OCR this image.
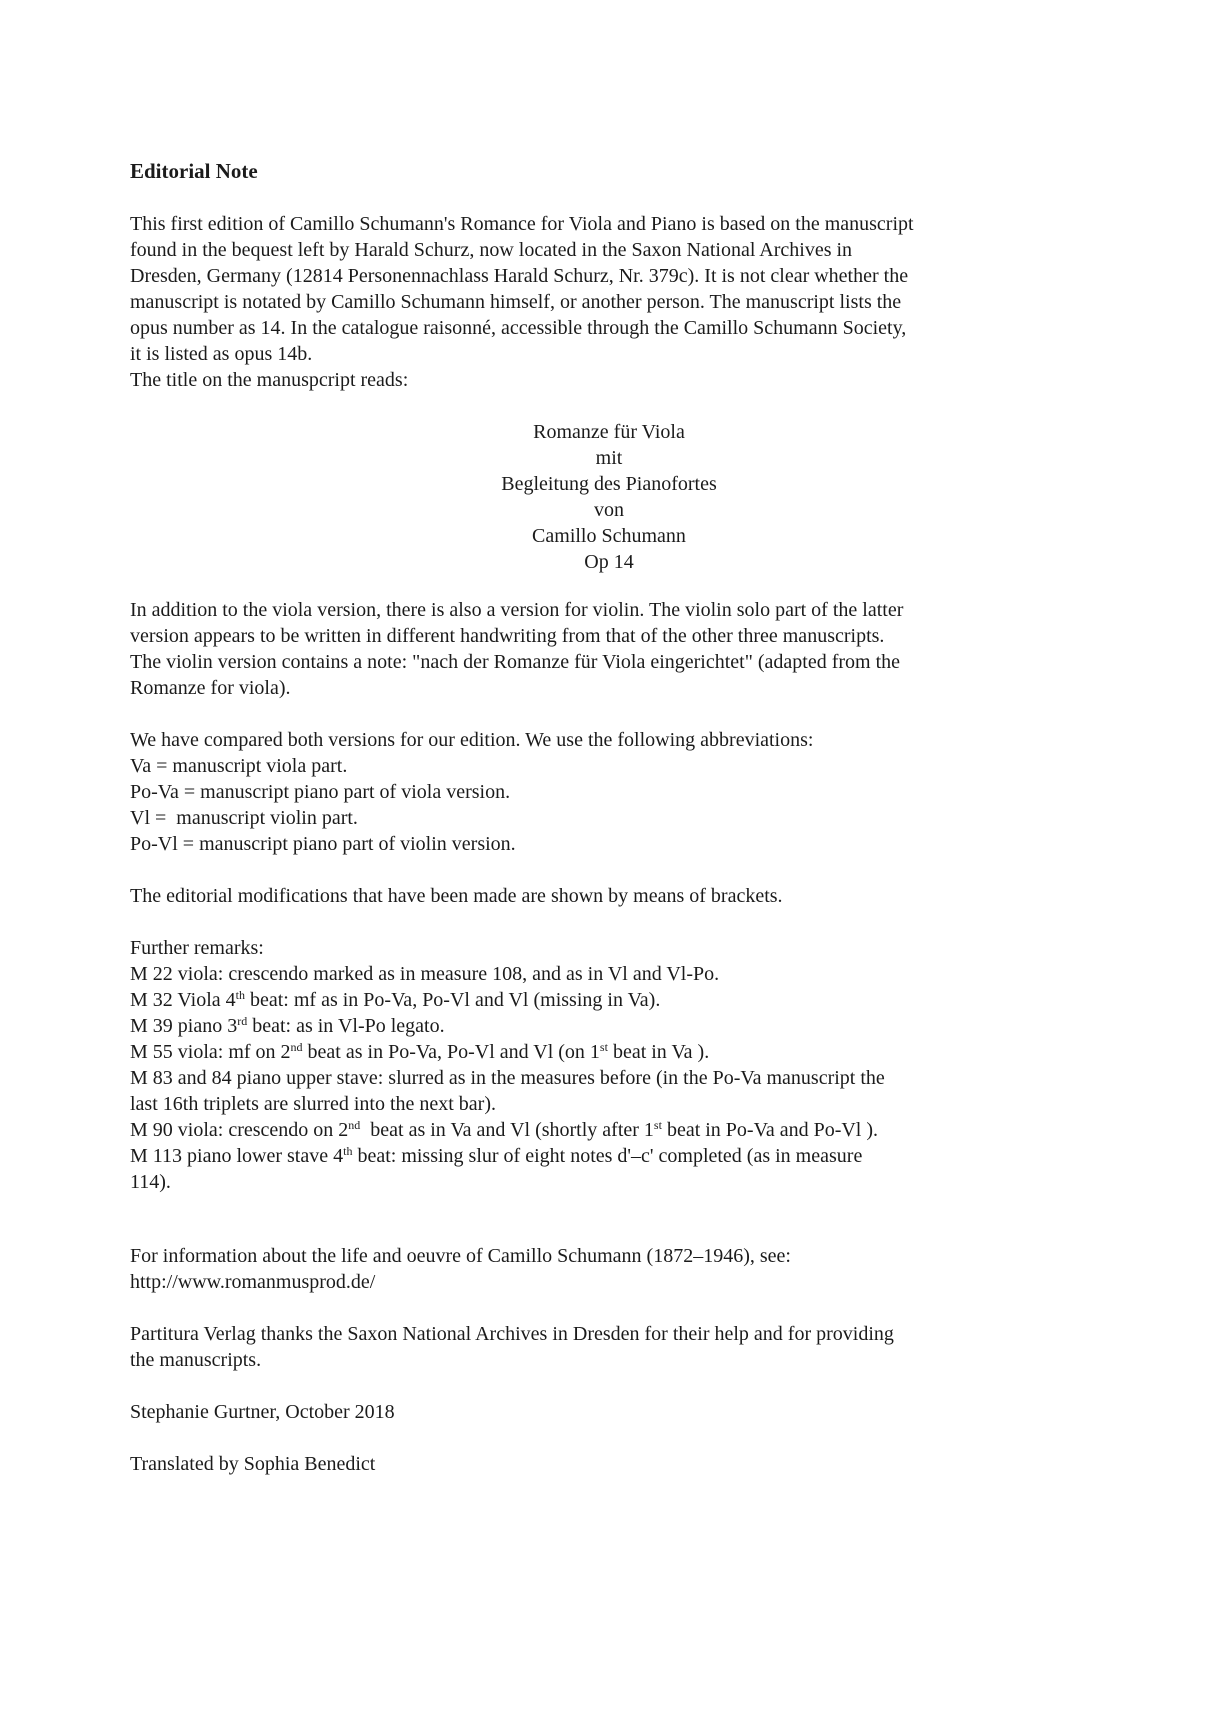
Editorial Note
This first edition of Camillo Schumann's Romance for Viola and Piano is based on the manuscript
found in the bequest left by Harald Schurz, now located in the Saxon National Archives in
Dresden, Germany (12814 Personennachlass Harald Schurz, Nr. 379c). It is not clear whether the
manuscript is notated by Camillo Schumann himself, or another person. The manuscript lists the
opus number as 14. In the catalogue raisonné, accessible through the Camillo Schumann Society,
it is listed as opus 14b.
The title on the manuspcript reads:
Romanze für Viola
mit
Begleitung des Pianofortes
von
Camillo Schumann
Op 14
In addition to the viola version, there is also a version for violin. The violin solo part of the latter
version appears to be written in different handwriting from that of the other three manuscripts.
The violin version contains a note: "nach der Romanze für Viola eingerichtet" (adapted from the
Romanze for viola).
We have compared both versions for our edition. We use the following abbreviations:
Va = manuscript viola part.
Po-Va = manuscript piano part of viola version.
Vl =  manuscript violin part.
Po-Vl = manuscript piano part of violin version.
The editorial modifications that have been made are shown by means of brackets.
Further remarks:
M 22 viola: crescendo marked as in measure 108, and as in Vl and Vl-Po.
M 32 Viola 4th beat: mf as in Po-Va, Po-Vl and Vl (missing in Va).
M 39 piano 3rd beat: as in Vl-Po legato.
M 55 viola: mf on 2nd beat as in Po-Va, Po-Vl and Vl (on 1st beat in Va ).
M 83 and 84 piano upper stave: slurred as in the measures before (in the Po-Va manuscript the
last 16th triplets are slurred into the next bar).
M 90 viola: crescendo on 2nd  beat as in Va and Vl (shortly after 1st beat in Po-Va and Po-Vl ).
M 113 piano lower stave 4th beat: missing slur of eight notes d'–c' completed (as in measure
114).
For information about the life and oeuvre of Camillo Schumann (1872–1946), see:
http://www.romanmusprod.de/
Partitura Verlag thanks the Saxon National Archives in Dresden for their help and for providing
the manuscripts.
Stephanie Gurtner, October 2018
Translated by Sophia Benedict
